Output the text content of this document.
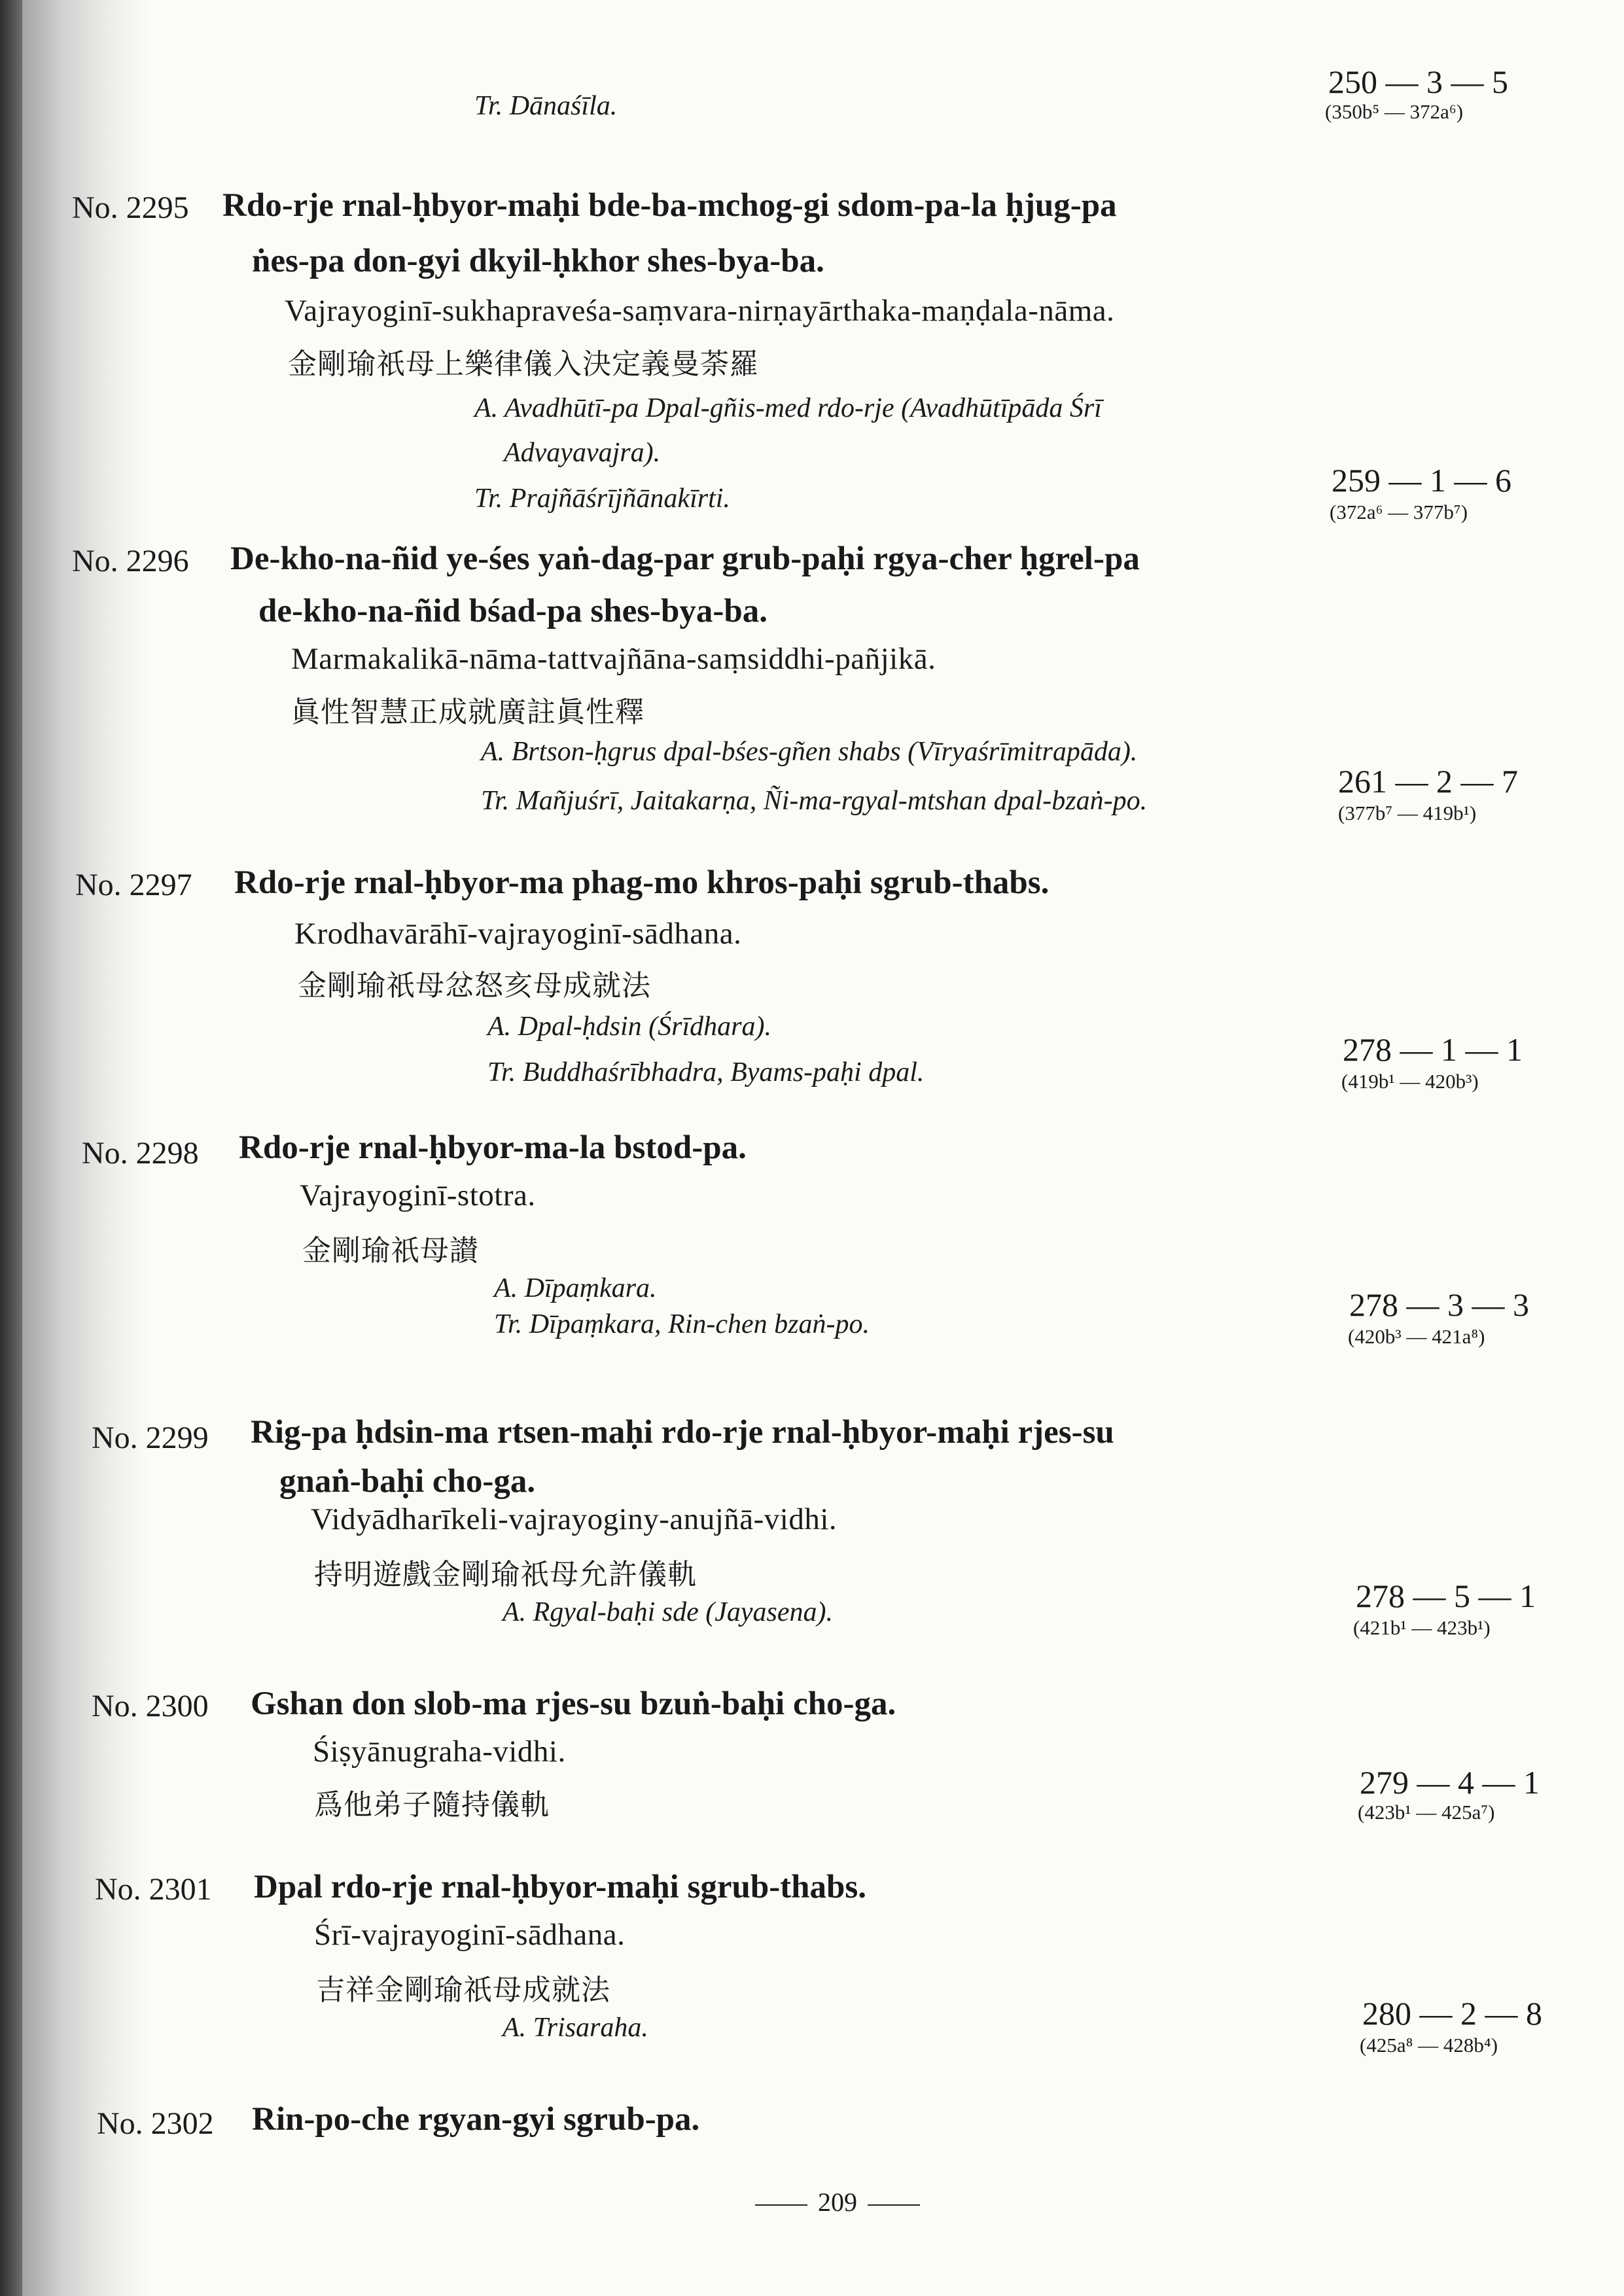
Tr. Dānaśīla.
250 — 3 — 5
(350b⁵ — 372a⁶)
No. 2295 Rdo-rje rnal-ḥbyor-maḥi bde-ba-mchog-gi sdom-pa-la ḥjug-pa
ṅes-pa don-gyi dkyil-ḥkhor shes-bya-ba.
Vajrayoginī-sukhapraveśa-saṃvara-nirṇayārthaka-maṇḍala-nāma.
金剛瑜祇母上樂律儀入決定義曼荼羅
A. Avadhūtī-pa Dpal-gñis-med rdo-rje (Avadhūtīpāda Śrī
Advayavajra).
Tr. Prajñāśrījñānakīrti.	259 — 1 — 6
(372a⁶ — 377b⁷)
No. 2296 De-kho-na-ñid ye-śes yaṅ-dag-par grub-paḥi rgya-cher ḥgrel-pa
de-kho-na-ñid bśad-pa shes-bya-ba.
Marmakalikā-nāma-tattvajñāna-saṃsiddhi-pañjikā.
眞性智慧正成就廣註眞性釋
A. Brtson-ḥgrus dpal-bśes-gñen shabs (Vīryaśrīmitrapāda).
Tr. Mañjuśrī, Jaitakarṇa, Ñi-ma-rgyal-mtshan dpal-bzaṅ-po.
261 — 2 — 7
(377b⁷ — 419b¹)
No. 2297 Rdo-rje rnal-ḥbyor-ma phag-mo khros-paḥi sgrub-thabs.
Krodhavārāhī-vajrayoginī-sādhana.
金剛瑜祇母忿怒亥母成就法
A. Dpal-ḥdsin (Śrīdhara).
Tr. Buddhaśrībhadra, Byams-paḥi dpal.
278 — 1 — 1
(419b¹ — 420b³)
No. 2298 Rdo-rje rnal-ḥbyor-ma-la bstod-pa.
Vajrayoginī-stotra.
金剛瑜祇母讃
A. Dīpaṃkara.
Tr. Dīpaṃkara, Rin-chen bzaṅ-po.
278 — 3 — 3
(420b³ — 421a⁸)
No. 2299 Rig-pa ḥdsin-ma rtsen-maḥi rdo-rje rnal-ḥbyor-maḥi rjes-su
gnaṅ-baḥi cho-ga.
Vidyādharīkeli-vajrayoginy-anujñā-vidhi.
持明遊戲金剛瑜祇母允許儀軌
A. Rgyal-baḥi sde (Jayasena).	278 — 5 — 1
(421b¹ — 423b¹)
No. 2300 Gshan don slob-ma rjes-su bzuṅ-baḥi cho-ga.
Śiṣyānugraha-vidhi.
爲他弟子隨持儀軌
279 — 4 — 1
(423b¹ — 425a⁷)
No. 2301 Dpal rdo-rje rnal-ḥbyor-maḥi sgrub-thabs.
Śrī-vajrayoginī-sādhana.
吉祥金剛瑜祇母成就法
A. Trisaraha.	280 — 2 — 8
(425a⁸ — 428b⁴)
No. 2302 Rin-po-che rgyan-gyi sgrub-pa.
209
